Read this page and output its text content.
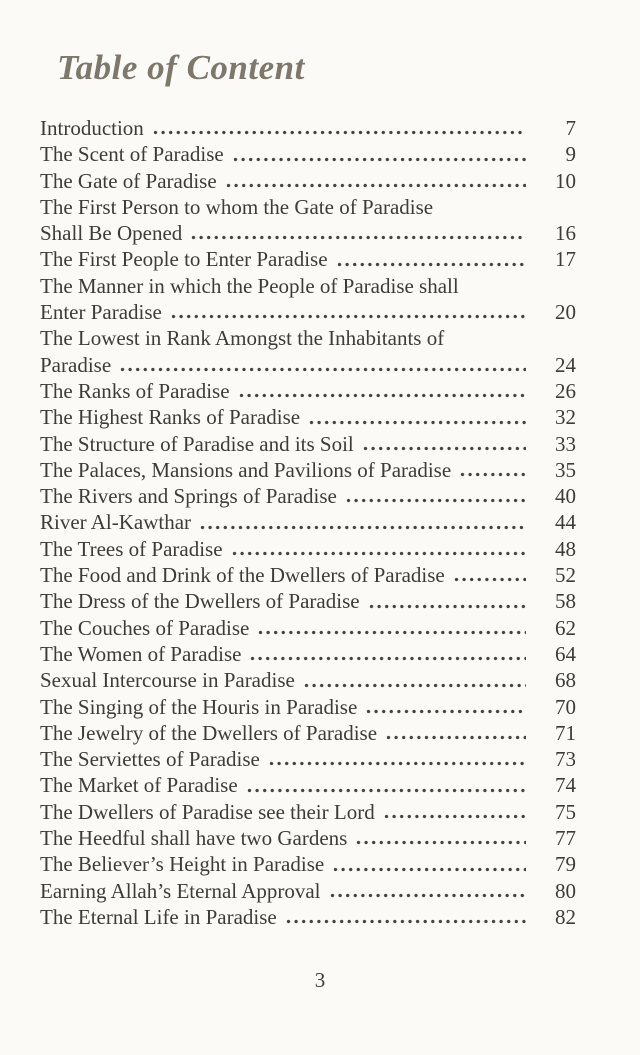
Table of Content
Introduction	7
The Scent of Paradise	9
The Gate of Paradise	10
The First Person to whom the Gate of Paradise
Shall Be Opened	16
The First People to Enter Paradise	17
The Manner in which the People of Paradise shall
Enter Paradise	20
The Lowest in Rank Amongst the Inhabitants of
Paradise	24
The Ranks of Paradise	26
The Highest Ranks of Paradise	32
The Structure of Paradise and its Soil	33
The Palaces, Mansions and Pavilions of Paradise	35
The Rivers and Springs of Paradise	40
River Al-Kawthar	44
The Trees of Paradise	48
The Food and Drink of the Dwellers of Paradise	52
The Dress of the Dwellers of Paradise	58
The Couches of Paradise	62
The Women of Paradise	64
Sexual Intercourse in Paradise	68
The Singing of the Houris in Paradise	70
The Jewelry of the Dwellers of Paradise	71
The Serviettes of Paradise	73
The Market of Paradise	74
The Dwellers of Paradise see their Lord	75
The Heedful shall have two Gardens	77
The Believer’s Height in Paradise	79
Earning Allah’s Eternal Approval	80
The Eternal Life in Paradise	82
3
